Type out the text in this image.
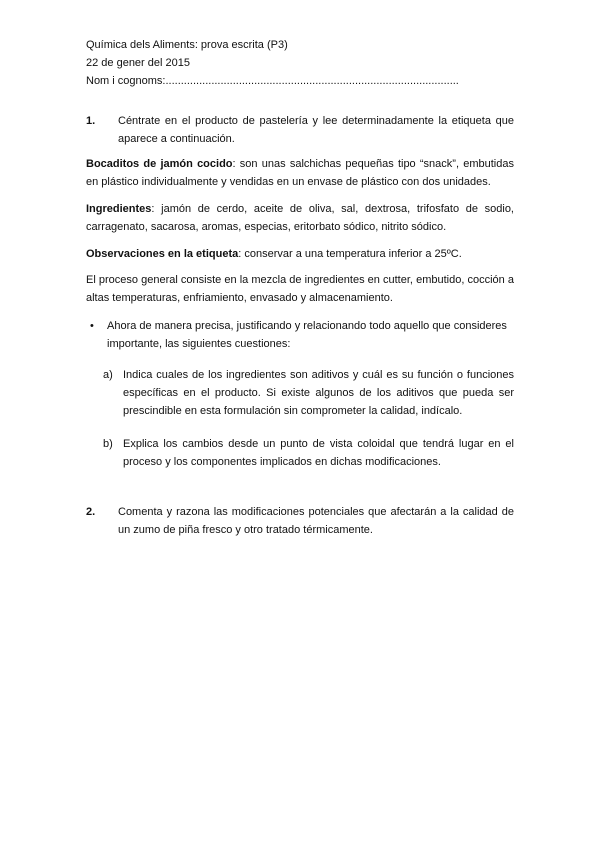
Química dels Aliments: prova escrita (P3)
22 de gener del 2015
Nom i cognoms:................................................................................................
1.	Céntrate en el producto de pastelería y lee determinadamente la etiqueta que aparece a continuación.
Bocaditos de jamón cocido: son unas salchichas pequeñas tipo “snack”, embutidas en plástico individualmente y vendidas en un envase de plástico con dos unidades.
Ingredientes: jamón de cerdo, aceite de oliva, sal, dextrosa, trifosfato de sodio, carragenato, sacarosa, aromas, especias, eritorbato sódico, nitrito sódico.
Observaciones en la etiqueta: conservar a una temperatura inferior a 25ºC.
El proceso general consiste en la mezcla de ingredientes en cutter, embutido, cocción a altas temperaturas, enfriamiento, envasado y almacenamiento.
• Ahora de manera precisa, justificando y relacionando todo aquello que consideres importante, las siguientes cuestiones:
a) Indica cuales de los ingredientes son aditivos y cuál es su función o funciones específicas en el producto. Si existe algunos de los aditivos que pueda ser prescindible en esta formulación sin comprometer la calidad, indícalo.
b) Explica los cambios desde un punto de vista coloidal que tendrá lugar en el proceso y los componentes implicados en dichas modificaciones.
2.	Comenta y razona las modificaciones potenciales que afectarán a la calidad de un zumo de piña fresco y otro tratado térmicamente.
